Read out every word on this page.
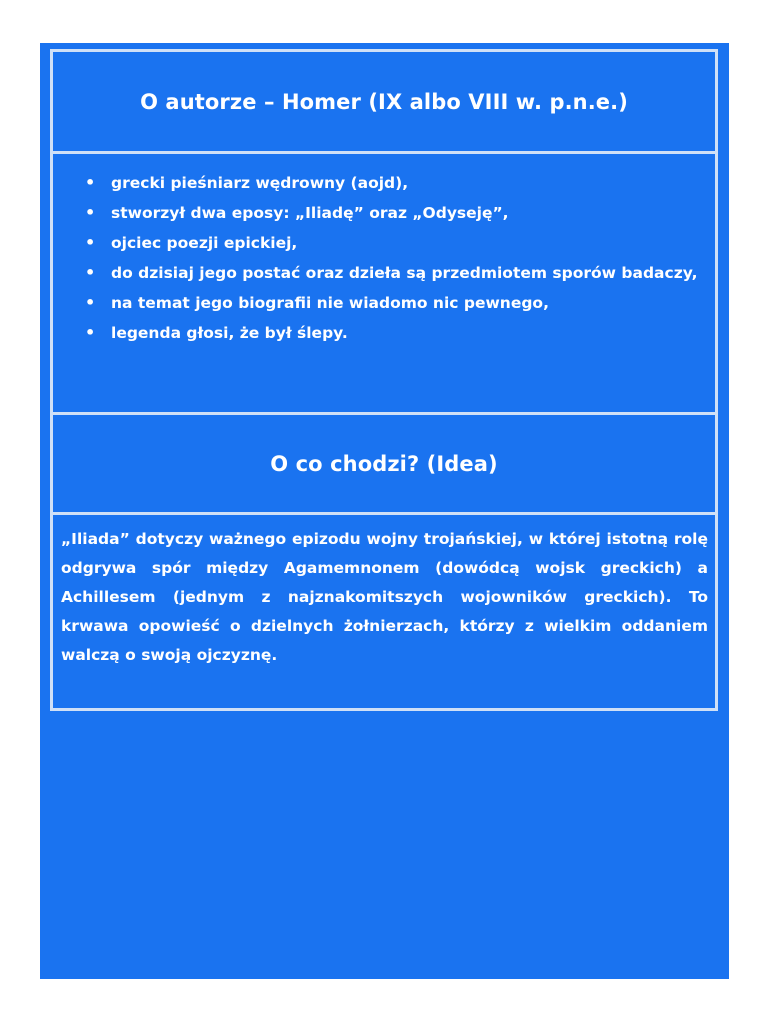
O autorze – Homer (IX albo VIII w. p.n.e.)
• grecki pieśniarz wędrowny (aojd),
• stworzył dwa eposy: „Iliadę” oraz „Odyseję”,
• ojciec poezji epickiej,
• do dzisiaj jego postać oraz dzieła są przedmiotem sporów badaczy,
• na temat jego biografii nie wiadomo nic pewnego,
• legenda głosi, że był ślepy.
O co chodzi? (Idea)

„Iliada” dotyczy ważnego epizodu wojny trojańskiej, w której istotną rolę odgrywa spór między Agamemnonem (dowódcą wojsk greckich) a Achillesem (jednym z najznakomitszych wojowników greckich). To krwawa opowieść o dzielnych żołnierzach, którzy z wielkim oddaniem walczą o swoją ojczyznę.
